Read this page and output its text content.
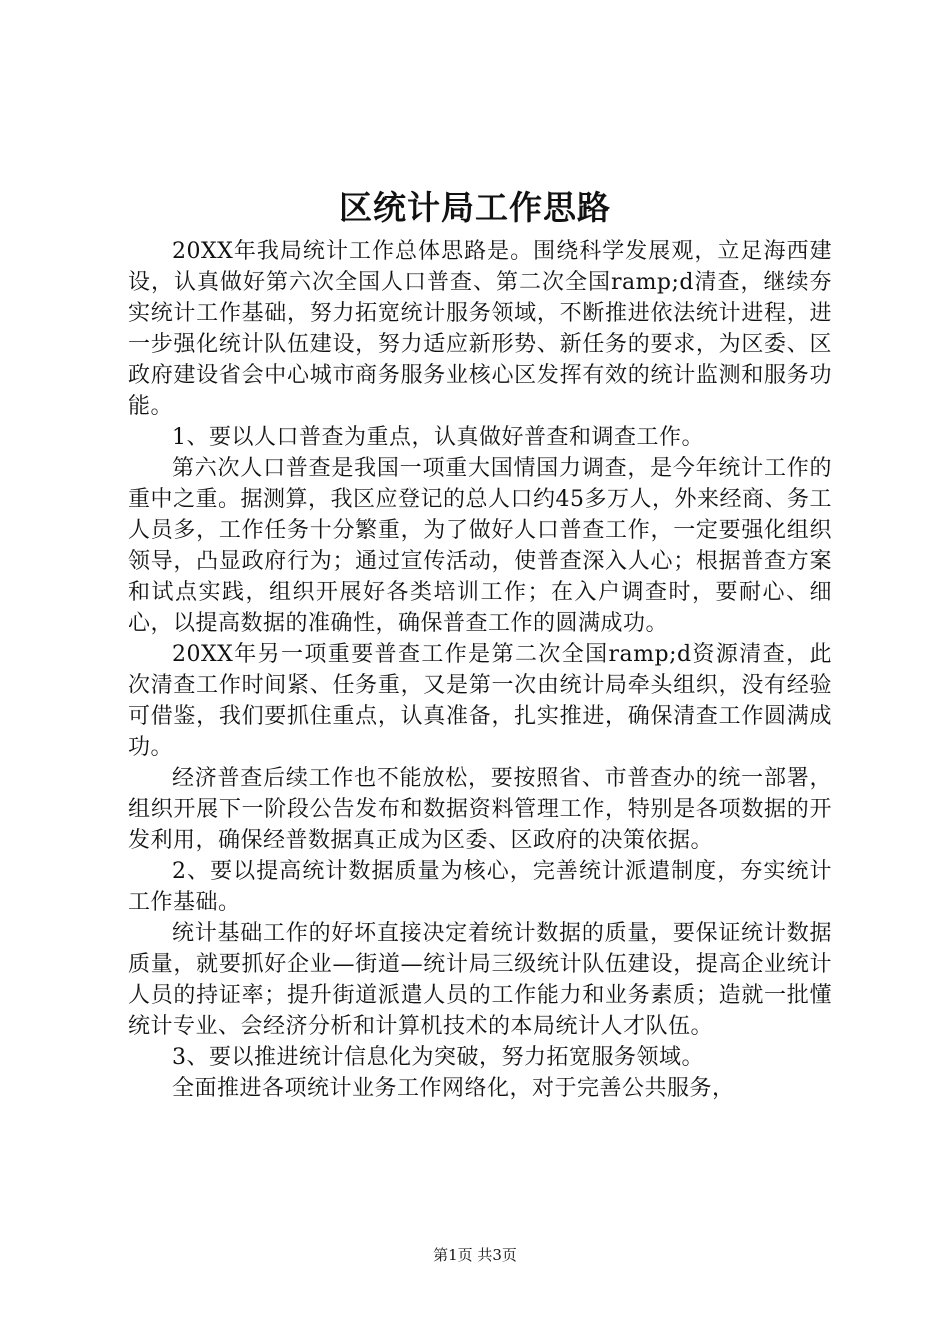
区统计局工作思路

20XX年我局统计工作总体思路是。围绕科学发展观，立足海西建设，认真做好第六次全国人口普查、第二次全国ramp;d清查，继续夯实统计工作基础，努力拓宽统计服务领域，不断推进依法统计进程，进一步强化统计队伍建设，努力适应新形势、新任务的要求，为区委、区政府建设省会中心城市商务服务业核心区发挥有效的统计监测和服务功能。

1、要以人口普查为重点，认真做好普查和调查工作。

第六次人口普查是我国一项重大国情国力调查，是今年统计工作的重中之重。据测算，我区应登记的总人口约45多万人，外来经商、务工人员多，工作任务十分繁重，为了做好人口普查工作，一定要强化组织领导，凸显政府行为；通过宣传活动，使普查深入人心；根据普查方案和试点实践，组织开展好各类培训工作；在入户调查时，要耐心、细心，以提高数据的准确性，确保普查工作的圆满成功。

20XX年另一项重要普查工作是第二次全国ramp;d资源清查，此次清查工作时间紧、任务重，又是第一次由统计局牵头组织，没有经验可借鉴，我们要抓住重点，认真准备，扎实推进，确保清查工作圆满成功。

经济普查后续工作也不能放松，要按照省、市普查办的统一部署，组织开展下一阶段公告发布和数据资料管理工作，特别是各项数据的开发利用，确保经普数据真正成为区委、区政府的决策依据。

2、要以提高统计数据质量为核心，完善统计派遣制度，夯实统计工作基础。

统计基础工作的好坏直接决定着统计数据的质量，要保证统计数据质量，就要抓好企业—街道—统计局三级统计队伍建设，提高企业统计人员的持证率；提升街道派遣人员的工作能力和业务素质；造就一批懂统计专业、会经济分析和计算机技术的本局统计人才队伍。

3、要以推进统计信息化为突破，努力拓宽服务领域。

全面推进各项统计业务工作网络化，对于完善公共服务，

第1页 共3页
